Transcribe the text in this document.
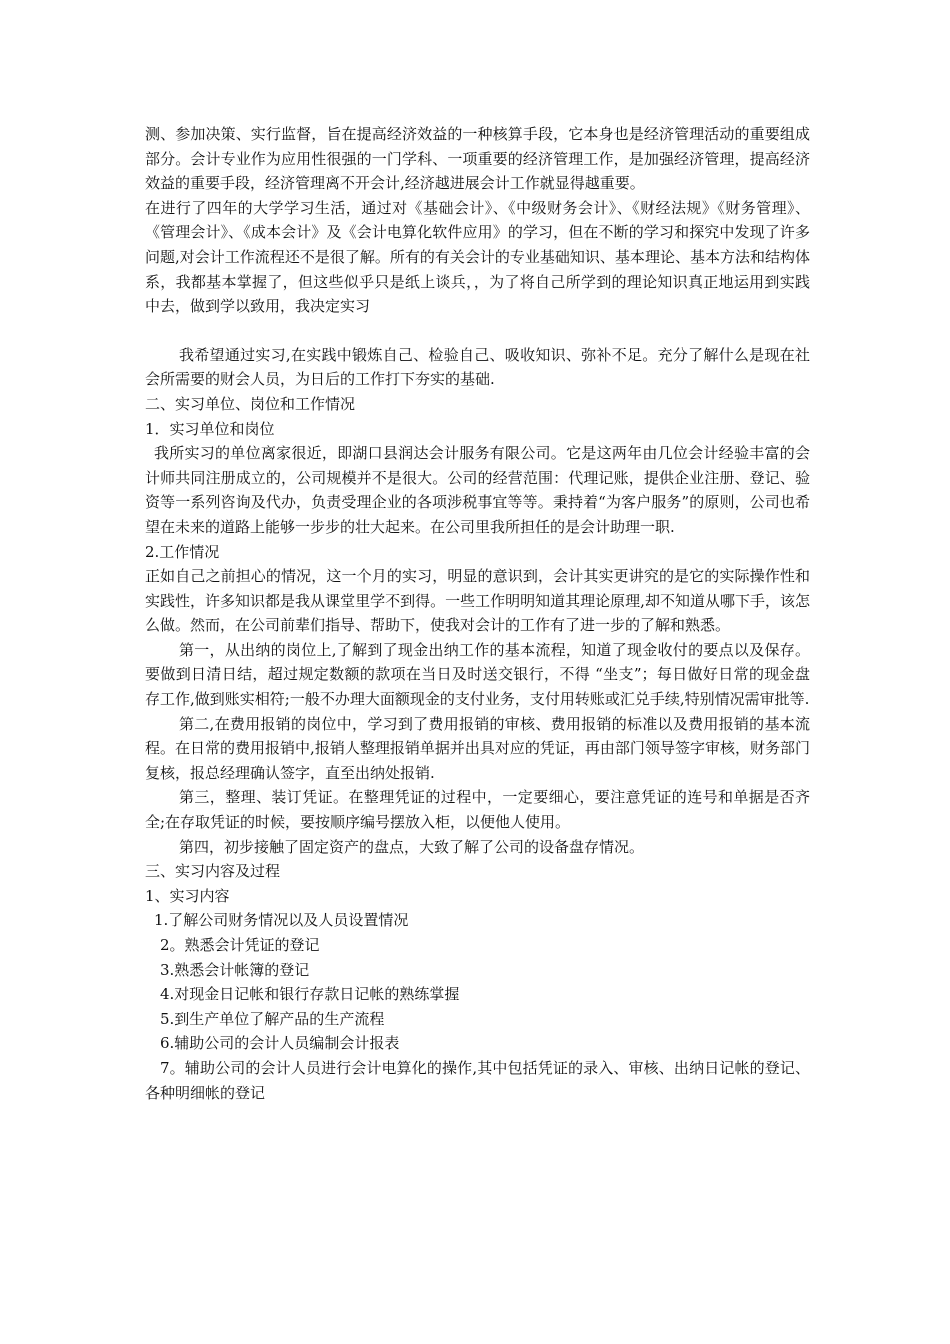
测、参加决策、实行监督，旨在提高经济效益的一种核算手段，它本身也是经济管理活动的重要组成部分。会计专业作为应用性很强的一门学科、一项重要的经济管理工作，是加强经济管理，提高经济效益的重要手段，经济管理离不开会计,经济越进展会计工作就显得越重要。

在进行了四年的大学学习生活，通过对《基础会计》、《中级财务会计》、《财经法规》《财务管理》、《管理会计》、《成本会计》及《会计电算化软件应用》的学习，但在不断的学习和探究中发现了许多问题,对会计工作流程还不是很了解。所有的有关会计的专业基础知识、基本理论、基本方法和结构体系，我都基本掌握了，但这些似乎只是纸上谈兵，，为了将自己所学到的理论知识真正地运用到实践中去，做到学以致用，我决定实习

我希望通过实习,在实践中锻炼自己、检验自己、吸收知识、弥补不足。充分了解什么是现在社会所需要的财会人员，为日后的工作打下夯实的基础.

二、实习单位、岗位和工作情况

1．实习单位和岗位

我所实习的单位离家很近，即湖口县润达会计服务有限公司。它是这两年由几位会计经验丰富的会计师共同注册成立的，公司规模并不是很大。公司的经营范围：代理记账，提供企业注册、登记、验资等一系列咨询及代办，负责受理企业的各项涉税事宜等等。秉持着“为客户服务”的原则，公司也希望在未来的道路上能够一步步的壮大起来。在公司里我所担任的是会计助理一职.

2.工作情况

正如自己之前担心的情况，这一个月的实习，明显的意识到，会计其实更讲究的是它的实际操作性和实践性，许多知识都是我从课堂里学不到得。一些工作明明知道其理论原理,却不知道从哪下手，该怎么做。然而，在公司前辈们指导、帮助下，使我对会计的工作有了进一步的了解和熟悉。

第一，从出纳的岗位上,了解到了现金出纳工作的基本流程，知道了现金收付的要点以及保存。要做到日清日结，超过规定数额的款项在当日及时送交银行，不得 “坐支”；每日做好日常的现金盘存工作,做到账实相符;一般不办理大面额现金的支付业务，支付用转账或汇兑手续,特别情况需审批等.

第二,在费用报销的岗位中，学习到了费用报销的审核、费用报销的标准以及费用报销的基本流程。在日常的费用报销中,报销人整理报销单据并出具对应的凭证，再由部门领导签字审核，财务部门复核，报总经理确认签字，直至出纳处报销.

第三，整理、装订凭证。在整理凭证的过程中，一定要细心，要注意凭证的连号和单据是否齐全;在存取凭证的时候，要按顺序编号摆放入柜，以便他人使用。

第四，初步接触了固定资产的盘点，大致了解了公司的设备盘存情况。

三、实习内容及过程

1、实习内容

1.了解公司财务情况以及人员设置情况

2。熟悉会计凭证的登记

3.熟悉会计帐簿的登记

4.对现金日记帐和银行存款日记帐的熟练掌握

5.到生产单位了解产品的生产流程

6.辅助公司的会计人员编制会计报表

7。辅助公司的会计人员进行会计电算化的操作,其中包括凭证的录入、审核、出纳日记帐的登记、各种明细帐的登记
